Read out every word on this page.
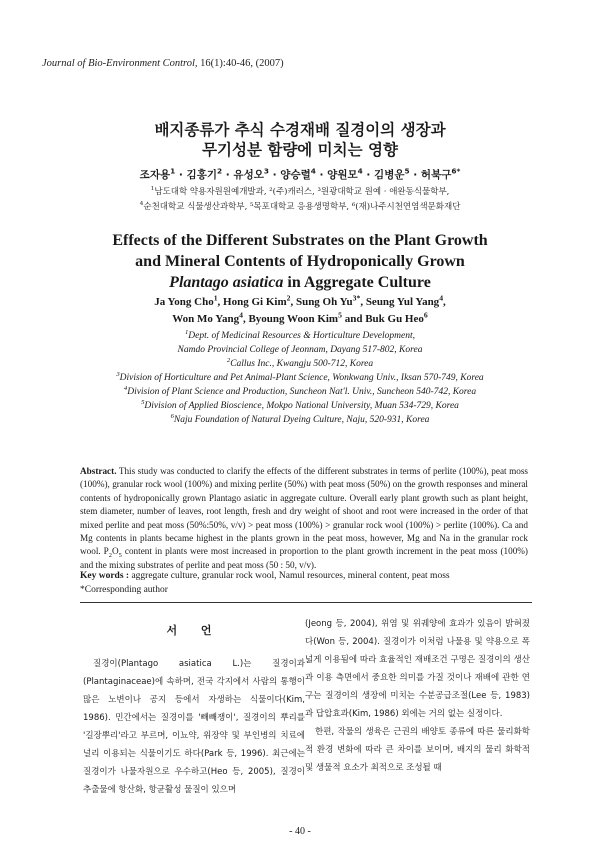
Journal of Bio-Environment Control, 16(1):40-46, (2007)
배지종류가 추식 수경재배 질경이의 생장과
무기성분 함량에 미치는 영향
조자용$^1$ · 김홍기$^2$ · 유성오$^3$ · 양승렬$^4$ · 양원모$^4$ · 김병운$^5$ · 허북구$^{6*}$
$^1$남도대학 약용자원원예개발과, ²(주)캐러스, ³원광대학교 원예 · 애완동식물학부,
$^4$순천대학교 식물생산과학부, ⁵목포대학교 응용생명학부, ⁶(재)나주시천연염색문화재단
Effects of the Different Substrates on the Plant Growth
and Mineral Contents of Hydroponically Grown
Plantago asiatica in Aggregate Culture
Ja Yong Cho$^1$, Hong Gi Kim$^2$, Sung Oh $Yu^{3*}$, Seung Yul Yang$^4$,
Won Mo Yang$^4$, Byoung Woon Kim$^5$ and Buk Gu Heo$^6$
$^1$Dept. of Medicinal Resources & Horticulture Development,
Namdo Provincial College of Jeonnam, Dayang 517-802, Korea
$^2$Callus Inc., Kwangju 500-712, Korea
$^3$Division of Horticulture and Pet Animal-Plant Science, Wonkwang Univ., Iksan 570-749, Korea
$^4$Division of Plant Science and Production, Suncheon Nat'l. Univ., Suncheon 540-742, Korea
$^5$Division of Applied Bioscience, Mokpo National University, Muan 534-729, Korea
$^6$Naju Foundation of Natural Dyeing Culture, Naju, 520-931, Korea
Abstract. This study was conducted to clarify the effects of the different substrates in terms of perlite (100%), peat moss (100%), granular rock wool (100%) and mixing perlite (50%) with peat moss (50%) on the growth responses and mineral contents of hydroponically grown Plantago asiatic in aggregate culture. Overall early plant growth such as plant height, stem diameter, number of leaves, root length, fresh and dry weight of shoot and root were increased in the order of that mixed perlite and peat moss (50%:50%, v/v) > peat moss (100%) > granular rock wool (100%) > perlite (100%). Ca and Mg contents in plants became highest in the plants grown in the peat moss, however, Mg and Na in the granular rock wool. $P_2O_5$ content in plants were most increased in proportion to the plant growth increment in the peat moss (100%) and the mixing substrates of perlite and peat moss (50 : 50, v/v).
Key words : aggregate culture, granular rock wool, Namul resources, mineral content, peat moss
*Corresponding author

서 언

질경이(Plantago asiatica L.)는 질경이과(Plantaginaceae)에 속하며, 전국 각지에서 사람의 통행이 많은 노변이나 공지 등에서 자생하는 식물이다(Kim, 1986). 민간에서는 질경이를 '빼빼쟁이', 질경이의 뿌리를 '길장뿌리'라고 부르며, 이뇨약, 위장약 및 부인병의 치료에 널리 이용되는 식물이기도 하다(Park 등, 1996). 최근에는 질경이가 나물자원으로 우수하고(Heo 등, 2005), 질경이 추출물에 항산화, 항균활성 물질이 있으며

(Jeong 등, 2004), 위염 및 위궤양에 효과가 있음이 밝혀졌다(Won 등, 2004). 질경이가 이처럼 나물용 및 약용으로 폭넓게 이용됨에 따라 효율적인 재배조건 구명은 질경이의 생산과 이용 측면에서 중요한 의미를 가질 것이나 재배에 관한 연구는 질경이의 생장에 미치는 수분공급조절(Lee 등, 1983)과 답압효과(Kim, 1986) 외에는 거의 없는 실정이다.

한편, 작물의 생육은 근권의 배양토 종류에 따른 물리화학적 환경 변화에 따라 큰 차이를 보이며, 배지의 물리 화학적 및 생물적 요소가 최적으로 조성될 때

- 40 -
